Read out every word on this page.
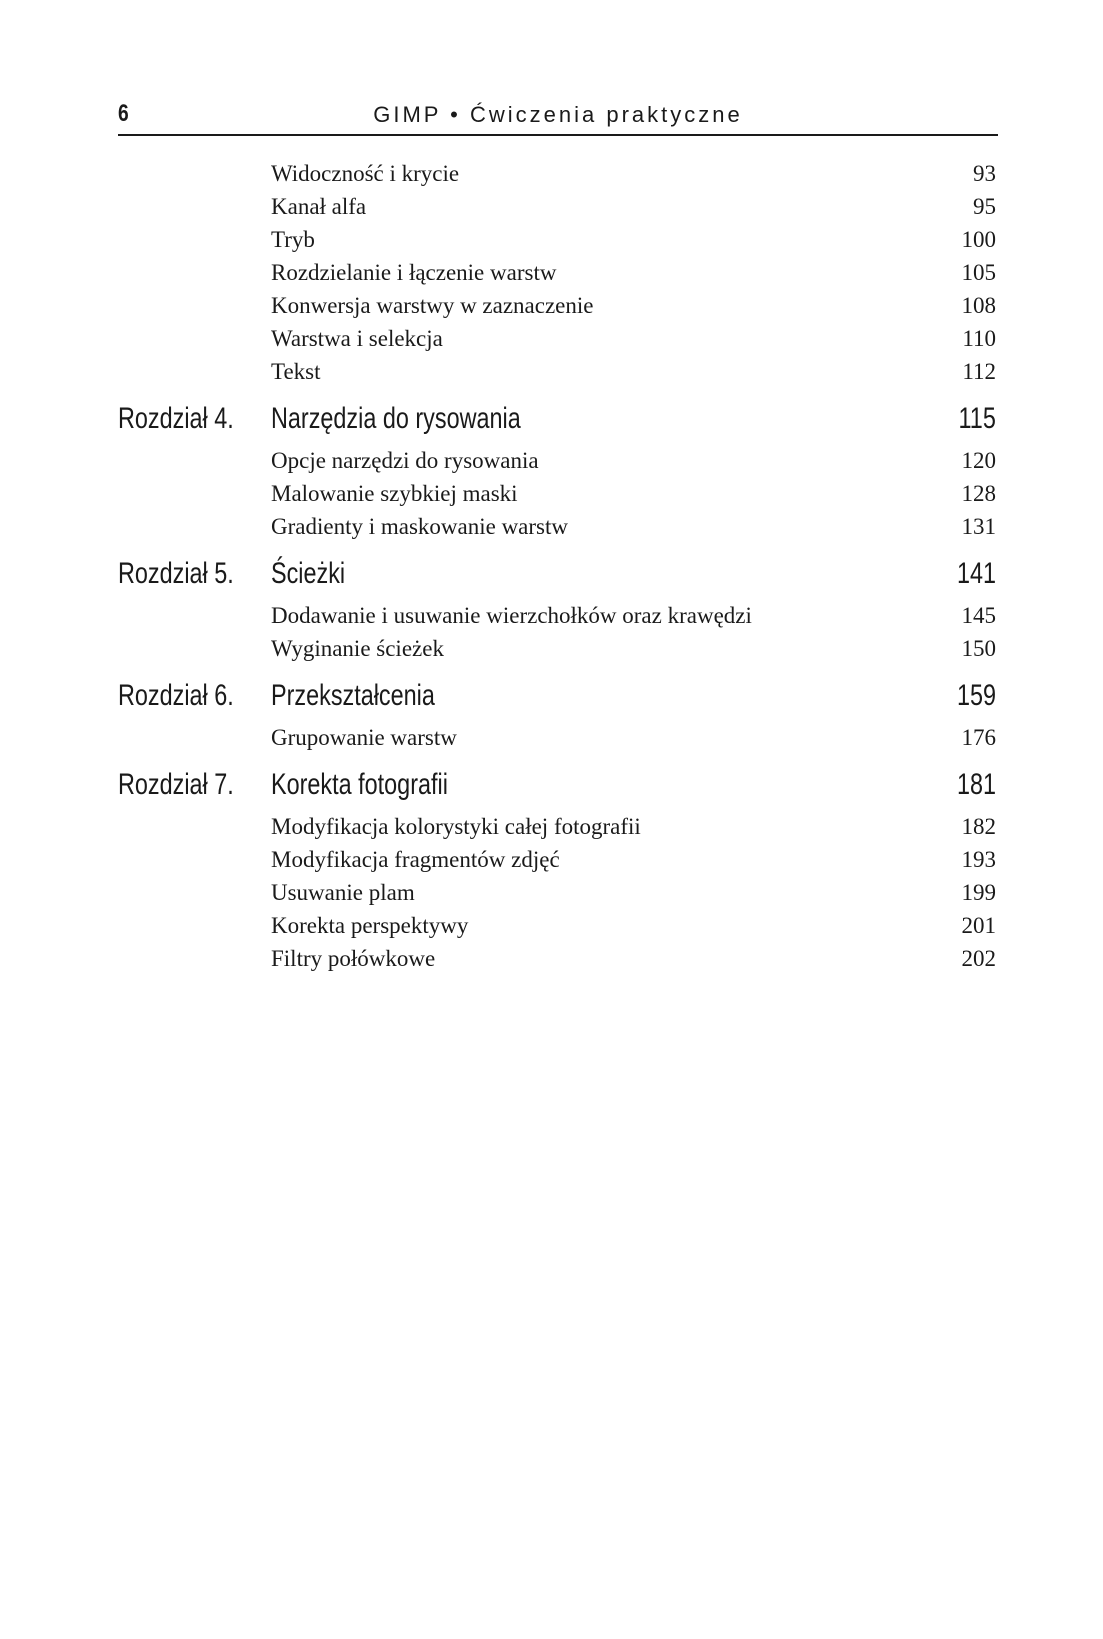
6	GIMP • Ćwiczenia praktyczne
Widoczność i krycie	93
Kanał alfa	95
Tryb	100
Rozdzielanie i łączenie warstw	105
Konwersja warstwy w zaznaczenie	108
Warstwa i selekcja	110
Tekst	112
Rozdział 4. Narzędzia do rysowania	115
Opcje narzędzi do rysowania	120
Malowanie szybkiej maski	128
Gradienty i maskowanie warstw	131
Rozdział 5. Ścieżki	141
Dodawanie i usuwanie wierzchołków oraz krawędzi	145
Wyginanie ścieżek	150
Rozdział 6. Przekształcenia	159
Grupowanie warstw	176
Rozdział 7. Korekta fotografii	181
Modyfikacja kolorystyki całej fotografii	182
Modyfikacja fragmentów zdjęć	193
Usuwanie plam	199
Korekta perspektywy	201
Filtry połówkowe	202
